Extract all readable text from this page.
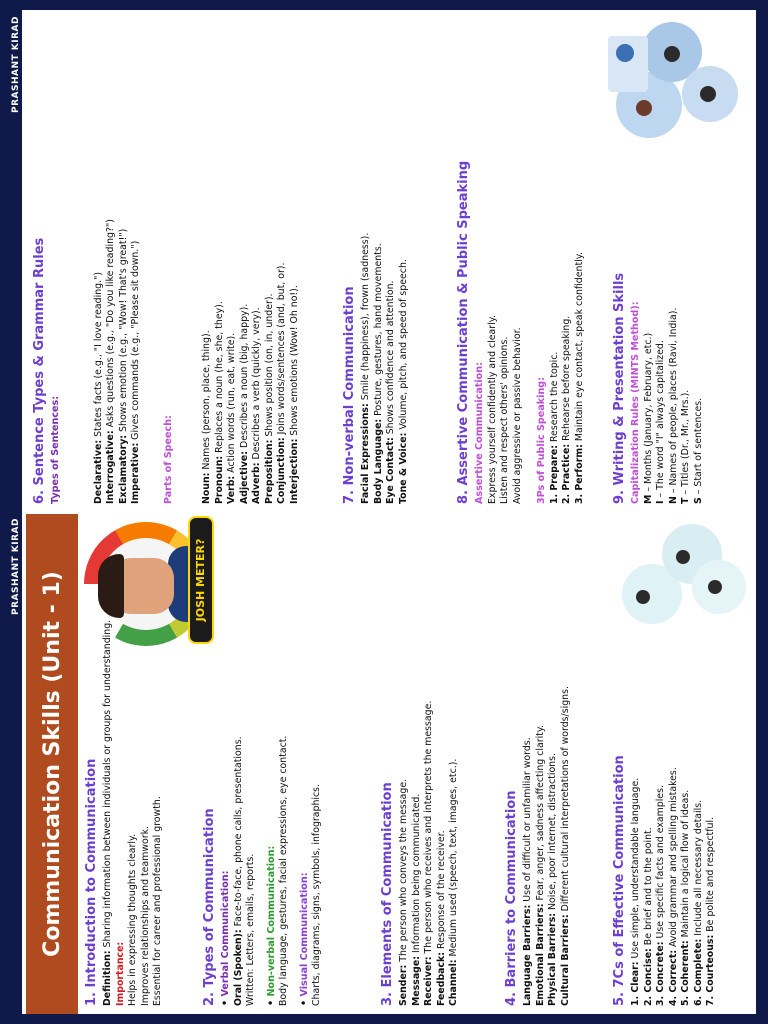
PRASHANT KIRAD
Communication Skills (Unit - 1)	JOSH METER?
1. Introduction to Communication Definition: Sharing information between individuals or groups for understanding.
Importance: Helps in expressing thoughts clearly. Improves relationships and teamwork. Essential for career and professional growth.	2. Types of Communication • Verbal Communication: Oral (Spoken): Face-to-face, phone calls, presentations.
Written: Letters, emails, reports. • Non-verbal Communication: Body language, gestures, facial expressions, eye contact. • Visual Communication: Charts, diagrams, signs, symbols, infographics.	3. Elements of Communication Sender: The person who conveys the message.
Message: Information being communicated.
Receiver: The person who receives and interprets the message.
Feedback: Response of the receiver.
Channel: Medium used (speech, text, images, etc.).	4. Barriers to Communication Language Barriers: Use of difficult or unfamiliar words.
Emotional Barriers: Fear, anger, sadness affecting clarity.
Physical Barriers: Noise, poor internet, distractions.
Cultural Barriers: Different cultural interpretations of words/signs.	5. 7Cs of Effective Communication 1. Clear: Use simple, understandable language.
2. Concise: Be brief and to the point.
3. Concrete: Use specific facts and examples.
4. Correct: Avoid grammar and spelling mistakes.
5. Coherent: Maintain a logical flow of ideas.
6. Complete: Include all necessary details.
7. Courteous: Be polite and respectful.
PRASHANT KIRAD
6. Sentence Types & Grammar Rules Types of Sentences:	Declarative: States facts (e.g., "I love reading.")
Interrogative: Asks questions (e.g., "Do you like reading?")
Exclamatory: Shows emotion (e.g., "Wow! That's great!")
Imperative: Gives commands (e.g., "Please sit down.")
Parts of Speech:	Noun: Names (person, place, thing).
Pronoun: Replaces a noun (he, she, they).
Verb: Action words (run, eat, write).
Adjective: Describes a noun (big, happy).
Adverb: Describes a verb (quickly, very).
Preposition: Shows position (on, in, under).
Conjunction: Joins words/sentences (and, but, or).
Interjection: Shows emotions (Wow! Oh no!).	7. Non-verbal Communication Facial Expressions: Smile (happiness), frown (sadness).
Body Language: Posture, gestures, hand movements.
Eye Contact: Shows confidence and attention.
Tone & Voice: Volume, pitch, and speed of speech.	8. Assertive Communication & Public Speaking Assertive Communication: Express yourself confidently and clearly. Listen and respect others' opinions. Avoid aggressive or passive behavior. 3Ps of Public Speaking: 1. Prepare: Research the topic.
2. Practice: Rehearse before speaking.
3. Perform: Maintain eye contact, speak confidently. 9. Writing & Presentation Skills Capitalization Rules (MINTS Method): M – Months (January, February, etc.)
I – The word "I" always capitalized.
N – Names of people, places (Ravi, India).
T – Titles (Dr., Mr., Mrs.).
S – Start of sentences.
